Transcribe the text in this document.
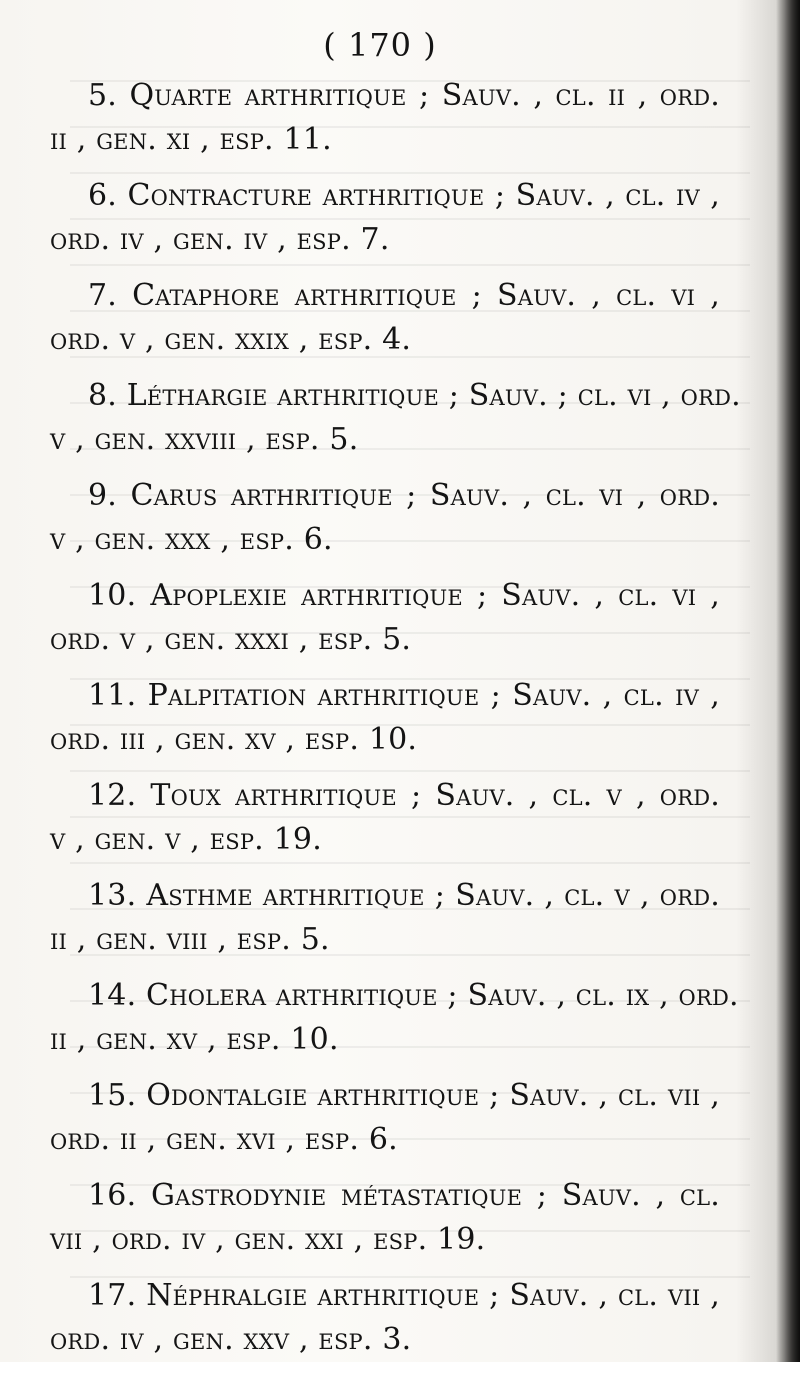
( 170 )
5. Quarte arthritique ; Sauv. , cl. ii , ord.
ii , gen. xi , esp. 11.
6. Contracture arthritique ; Sauv. , cl. iv ,
ord. iv , gen. iv , esp. 7.
7. Cataphore arthritique ; Sauv. , cl. vi ,
ord. v , gen. xxix , esp. 4.
8. Léthargie arthritique ; Sauv. ; cl. vi , ord.
v , gen. xxviii , esp. 5.
9. Carus arthritique ; Sauv. , cl. vi , ord.
v , gen. xxx , esp. 6.
10. Apoplexie arthritique ; Sauv. , cl. vi ,
ord. v , gen. xxxi , esp. 5.
11. Palpitation arthritique ; Sauv. , cl. iv ,
ord. iii , gen. xv , esp. 10.
12. Toux arthritique ; Sauv. , cl. v , ord.
v , gen. v , esp. 19.
13. Asthme arthritique ; Sauv. , cl. v , ord.
ii , gen. viii , esp. 5.
14. Cholera arthritique ; Sauv. , cl. ix , ord.
ii , gen. xv , esp. 10.
15. Odontalgie arthritique ; Sauv. , cl. vii ,
ord. ii , gen. xvi , esp. 6.
16. Gastrodynie métastatique ; Sauv. , cl.
vii , ord. iv , gen. xxi , esp. 19.
17. Néphralgie arthritique ; Sauv. , cl. vii ,
ord. iv , gen. xxv , esp. 3.
